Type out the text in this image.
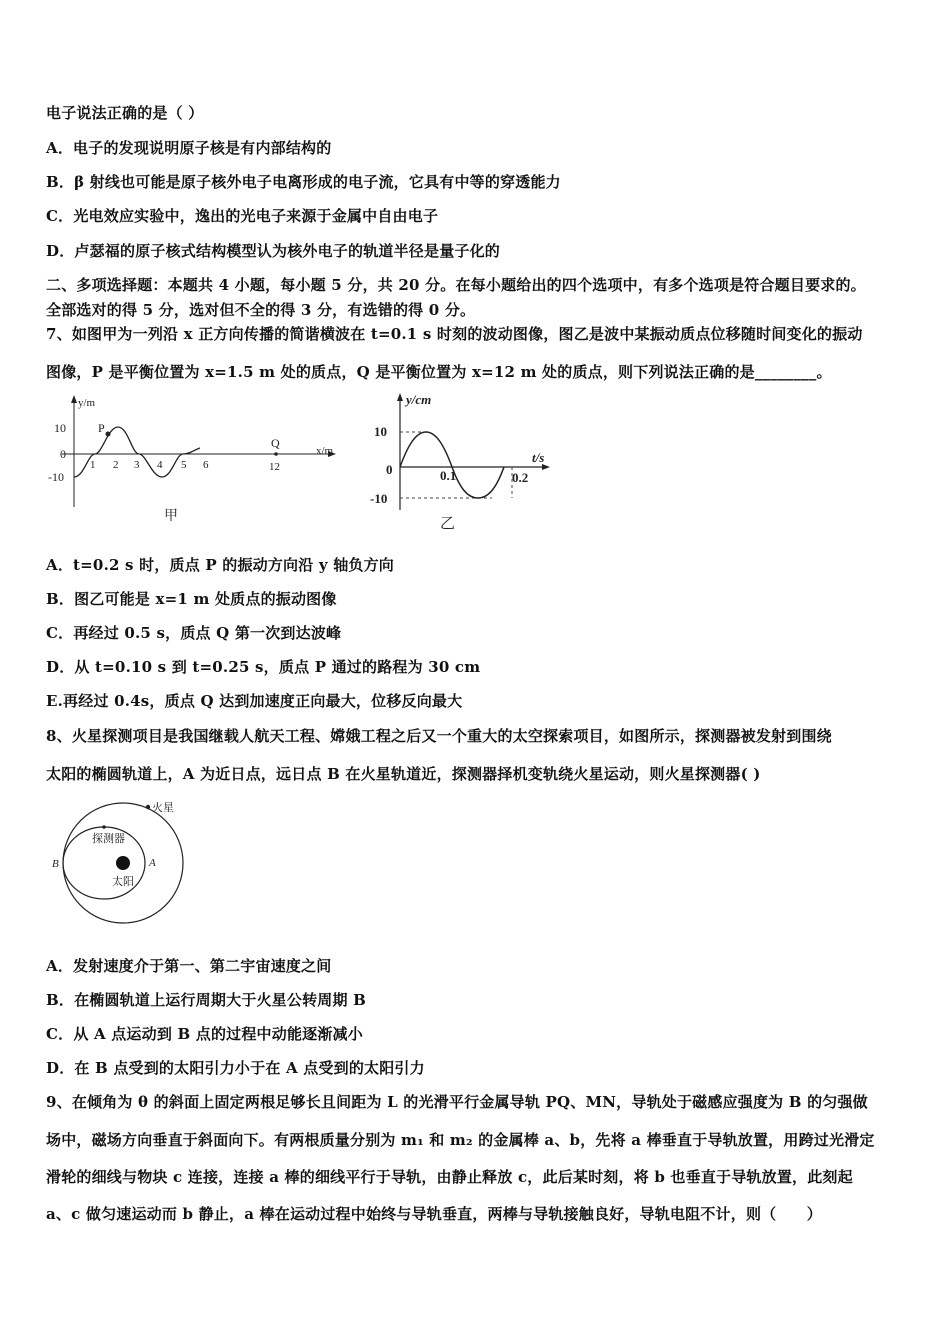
电子说法正确的是（ ）
A．电子的发现说明原子核是有内部结构的
B．β 射线也可能是原子核外电子电离形成的电子流，它具有中等的穿透能力
C．光电效应实验中，逸出的光电子来源于金属中自由电子
D．卢瑟福的原子核式结构模型认为核外电子的轨道半径是量子化的
二、多项选择题：本题共 4 小题，每小题 5 分，共 20 分。在每小题给出的四个选项中，有多个选项是符合题目要求的。
全部选对的得 5 分，选对但不全的得 3 分，有选错的得 0 分。
7、如图甲为一列沿 x 正方向传播的简谐横波在 t=0.1 s 时刻的波动图像，图乙是波中某振动质点位移随时间变化的振动
图像，P 是平衡位置为 x=1.5 m 处的质点，Q 是平衡位置为 x=12 m 处的质点，则下列说法正确的是________。
y/m
x/m
10
0
-10
P
1 2 3 4 5 6
Q
12
甲
y/cm
t/s
10
0
-10
0.1	0.2
乙
A．t=0.2 s 时，质点 P 的振动方向沿 y 轴负方向
B．图乙可能是 x=1 m 处质点的振动图像
C．再经过 0.5 s，质点 Q 第一次到达波峰
D．从 t=0.10 s 到 t=0.25 s，质点 P 通过的路程为 30 cm
E.再经过 0.4s，质点 Q 达到加速度正向最大，位移反向最大
8、火星探测项目是我国继载人航天工程、嫦娥工程之后又一个重大的太空探索项目，如图所示，探测器被发射到围绕
太阳的椭圆轨道上，A 为近日点，远日点 B 在火星轨道近，探测器择机变轨绕火星运动，则火星探测器( )
火星
探测器
太阳
A
B
A．发射速度介于第一、第二宇宙速度之间
B．在椭圆轨道上运行周期大于火星公转周期 B
C．从 A 点运动到 B 点的过程中动能逐渐减小
D．在 B 点受到的太阳引力小于在 A 点受到的太阳引力
9、在倾角为 θ 的斜面上固定两根足够长且间距为 L 的光滑平行金属导轨 PQ、MN，导轨处于磁感应强度为 B 的匀强做
场中，磁场方向垂直于斜面向下。有两根质量分别为 m₁ 和 m₂ 的金属棒 a、b，先将 a 棒垂直于导轨放置，用跨过光滑定
滑轮的细线与物块 c 连接，连接 a 棒的细线平行于导轨，由静止释放 c，此后某时刻，将 b 也垂直于导轨放置，此刻起
a、c 做匀速运动而 b 静止，a 棒在运动过程中始终与导轨垂直，两棒与导轨接触良好，导轨电阻不计，则（　　）
